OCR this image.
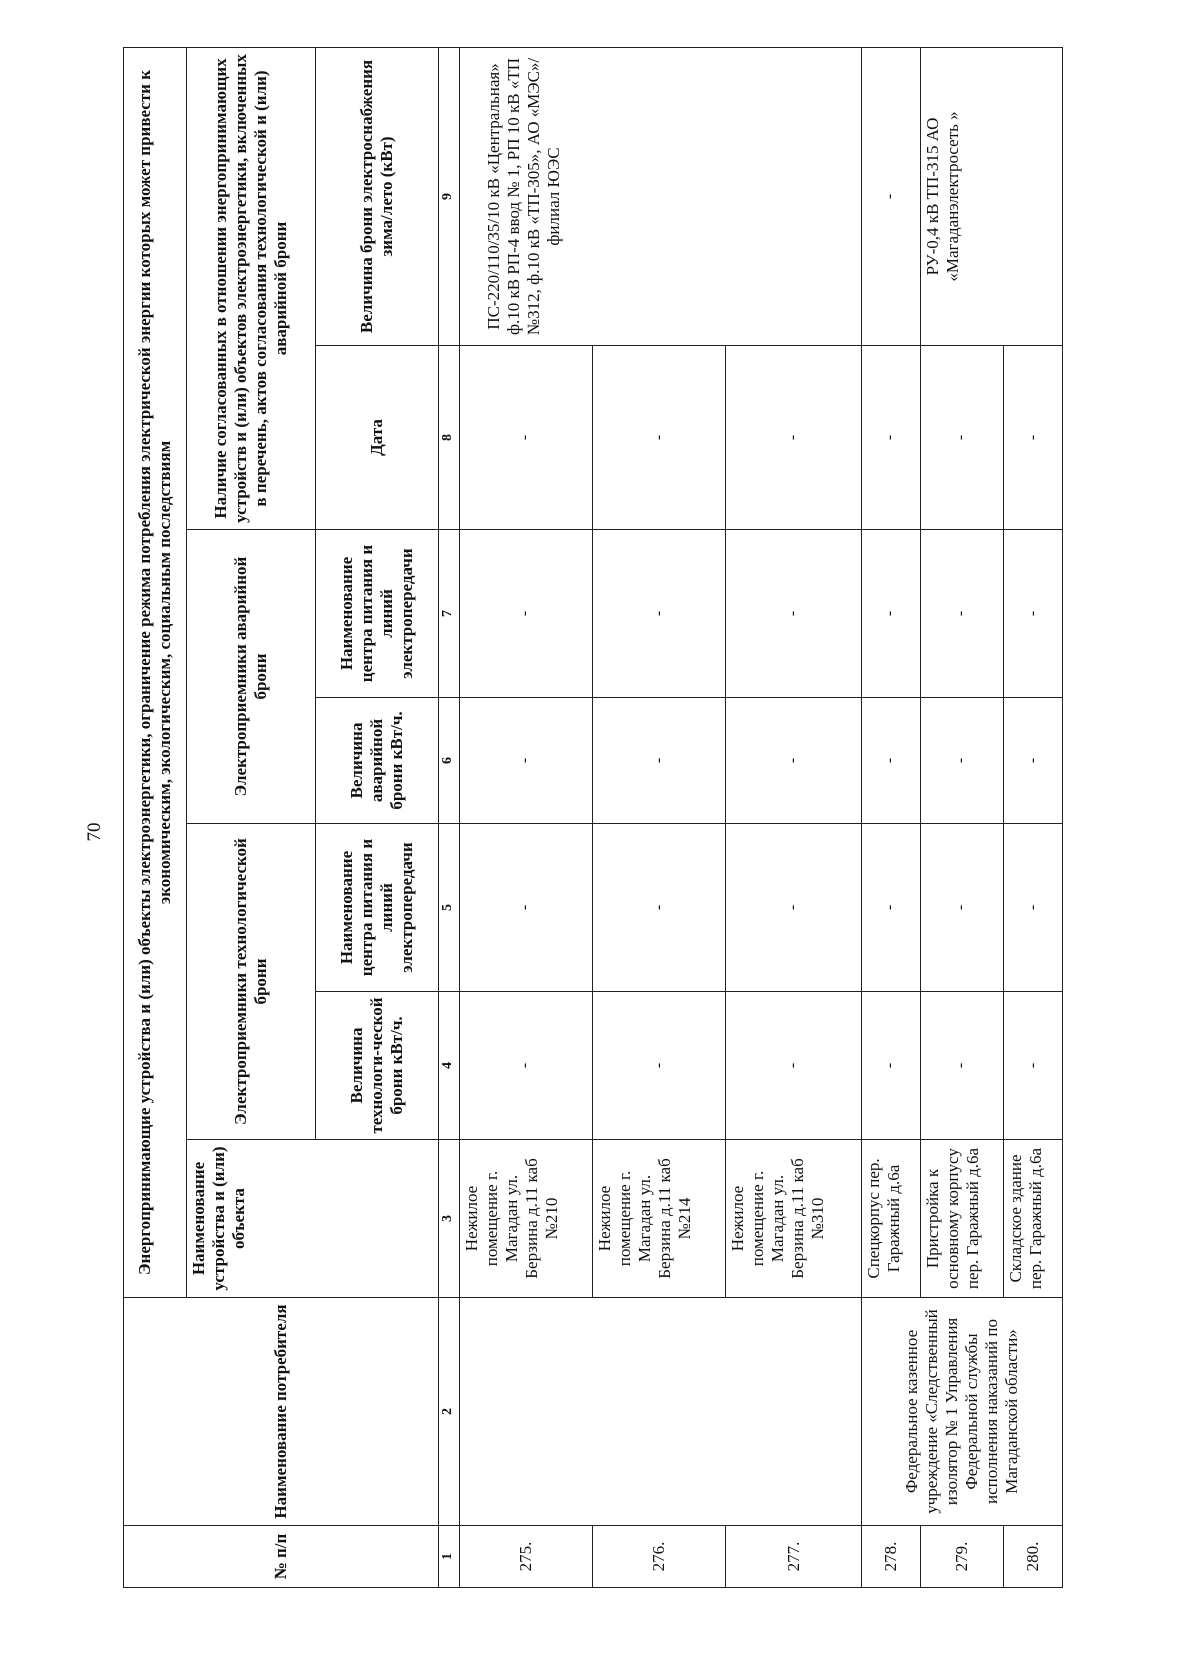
70
№ п/п	Наименование потребителя	Энергопринимающие устройства и (или) объекты электроэнергетики, ограничение режима потребления электрической энергии которых может привести к экономическим, экологическим, социальным последствиям						
		Наименование устройства и (или) объекта	Электроприемники технологической брони		Электроприемники аварийной брони		Наличие согласованных в отношении энергопринимающих устройств и (или) объектов электроэнергетики, включенных в перечень, актов согласования технологической и (или) аварийной брони	
			Величина технологи-ческой брони кВт/ч.	Наименование центра питания и линий электропередачи	Величина аварийной брони кВт/ч.	Наименование центра питания и линий электропередачи	Дата	Величина брони электроснабжения зима/лето (кВт)
1	2	3	4	5	6	7	8	9
275.		Нежилое помещение г. Магадан ул. Берзина д.11 каб №210	-	-	-	-	-	ПС-220/110/35/10 кВ «Центральная» ф.10 кВ РП-4 ввод № 1, РП 10 кВ «ТП №312, ф.10 кВ «ТП-305», АО «МЭС»/филиал ЮЭС

276.		Нежилое помещение г. Магадан ул. Берзина д.11 каб №214	-	-	-	-	-	
277.		Нежилое помещение г. Магадан ул. Берзина д.11 каб №310	-	-	-	-	-	
278.	Федеральное казенное учреждение «Следственный изолятор № 1 Управления Федеральной службы исполнения наказаний по Магаданской области»	Спецкорпус пер. Гаражный д.6а	-	-	-	-	-	-
279.		Пристройка к основному корпусу пер. Гаражный д.6а	-	-	-	-	-	РУ-0,4 кВ ТП-315 АО «Магаданэлектросеть »
280.		Складское здание пер. Гаражный д.6а	-	-	-	-	-	
